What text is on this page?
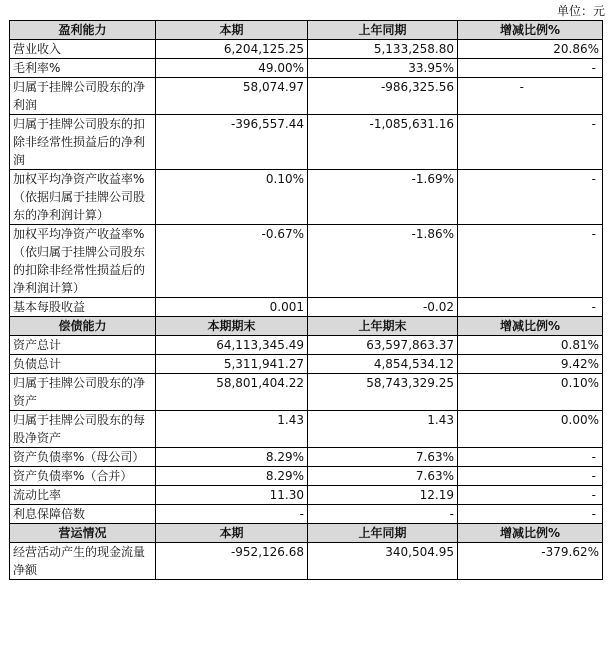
单位：元
盈利能力	本期	上年同期	增减比例%
营业收入	6,204,125.25	5,133,258.80	20.86%
毛利率%	49.00%	33.95%	-
归属于挂牌公司股东的净利润	58,074.97	-986,325.56	-
归属于挂牌公司股东的扣除非经常性损益后的净利润	-396,557.44	-1,085,631.16	-
加权平均净资产收益率%（依据归属于挂牌公司股东的净利润计算）	0.10%	-1.69%	-
加权平均净资产收益率%（依归属于挂牌公司股东的扣除非经常性损益后的净利润计算）	-0.67%	-1.86%	-
基本每股收益	0.001	-0.02	-
偿债能力	本期期末	上年期末	增减比例%
资产总计	64,113,345.49	63,597,863.37	0.81%
负债总计	5,311,941.27	4,854,534.12	9.42%
归属于挂牌公司股东的净资产	58,801,404.22	58,743,329.25	0.10%
归属于挂牌公司股东的每股净资产	1.43	1.43	0.00%
资产负债率%（母公司）	8.29%	7.63%	-
资产负债率%（合并）	8.29%	7.63%	-
流动比率	11.30	12.19	-
利息保障倍数	-	-	-
营运情况	本期	上年同期	增减比例%
经营活动产生的现金流量净额	-952,126.68	340,504.95	-379.62%
